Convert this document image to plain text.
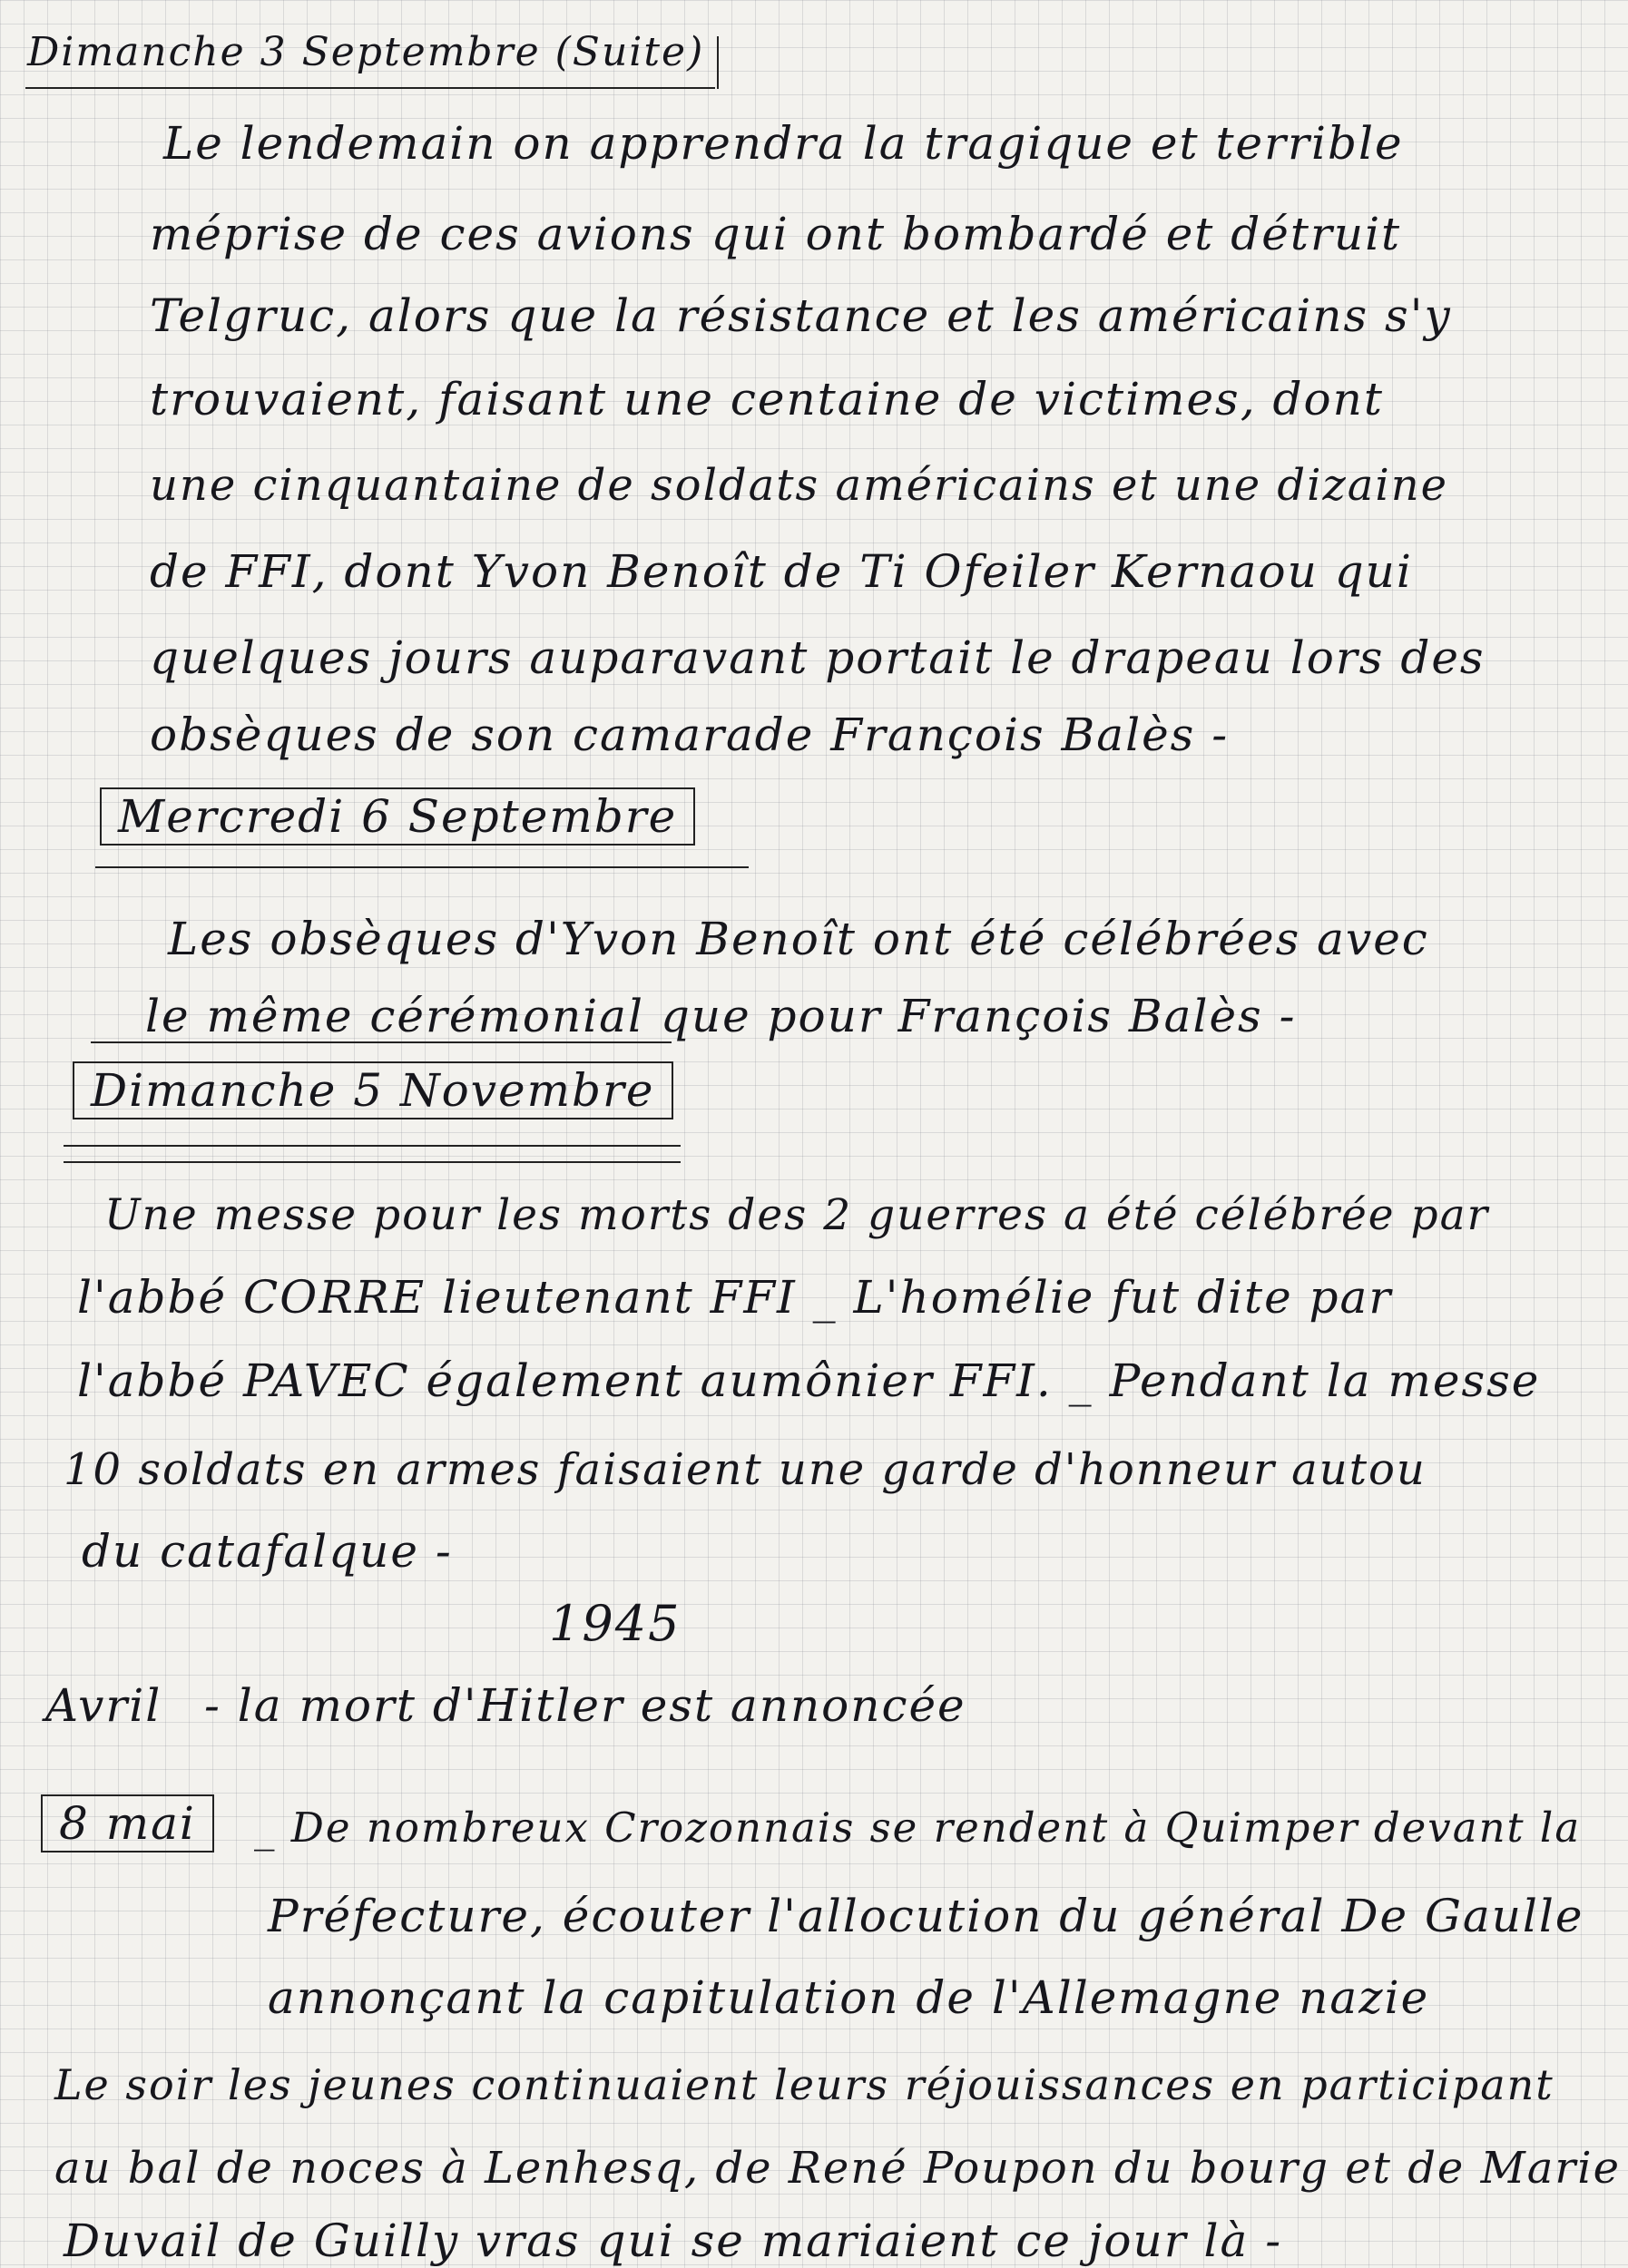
Dimanche 3 Septembre (Suite)
Le lendemain on apprendra la tragique et terrible
méprise de ces avions qui ont bombardé et détruit
Telgruc, alors que la résistance et les américains s'y
trouvaient, faisant une centaine de victimes, dont
une cinquantaine de soldats américains et une dizaine
de FFI, dont Yvon Benoît de Ti Ofeiler Kernaou qui
quelques jours auparavant portait le drapeau lors des
obsèques de son camarade François Balès -
Mercredi 6 Septembre
Les obsèques d'Yvon Benoît ont été célébrées avec
le même cérémonial que pour François Balès -
Dimanche 5 Novembre
Une messe pour les morts des 2 guerres a été célébrée par
l'abbé CORRE lieutenant FFI _ L'homélie fut dite par
l'abbé PAVEC également aumônier FFI. _ Pendant la messe
10 soldats en armes faisaient une garde d'honneur autou
du catafalque -
1945
Avril - la mort d'Hitler est annoncée
8 mai	_ De nombreux Crozonnais se rendent à Quimper devant la
Préfecture, écouter l'allocution du général De Gaulle
annonçant la capitulation de l'Allemagne nazie
Le soir les jeunes continuaient leurs réjouissances en participant
au bal de noces à Lenhesq, de René Poupon du bourg et de Marie
Duvail de Guilly vras qui se mariaient ce jour là -
